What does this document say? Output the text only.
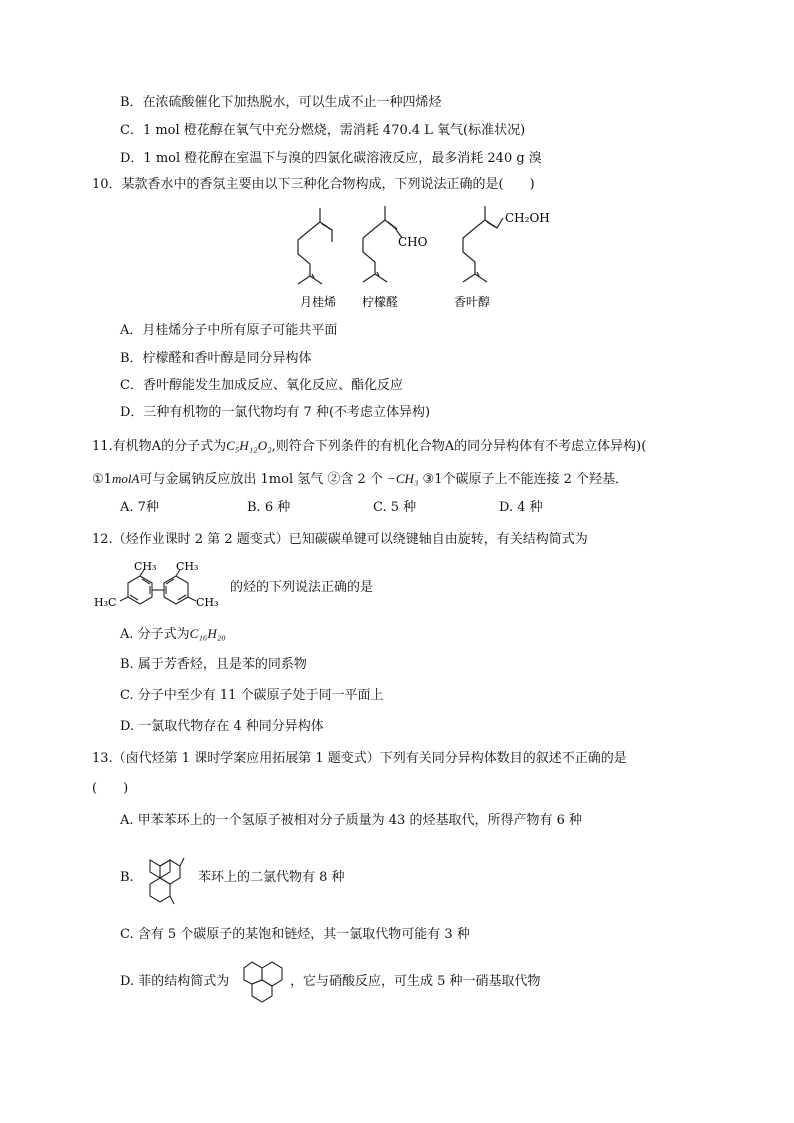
B．在浓硫酸催化下加热脱水，可以生成不止一种四烯烃
C．1 mol 橙花醇在氧气中充分燃烧，需消耗 470.4 L 氧气(标准状况)
D．1 mol 橙花醇在室温下与溴的四氯化碳溶液反应，最多消耗 240 g 溴
10．某款香水中的香氛主要由以下三种化合物构成，下列说法正确的是(　　)
CHO
CH₂OH
月桂烯 柠檬醛	香叶醇
A．月桂烯分子中所有原子可能共平面
B．柠檬醛和香叶醇是同分异构体
C．香叶醇能发生加成反应、氧化反应、酯化反应
D．三种有机物的一氯代物均有 7 种(不考虑立体异构)
11.有机物A的分子式为C₅H₁₂O₂,则符合下列条件的有机化合物A的同分异构体有不考虑立体异构)(
①1molA可与金属钠反应放出 1mol 氢气 ②含 2 个 −CH₃ ③1个碳原子上不能连接 2 个羟基．
A. 7种	B. 6 种	C. 5 种	D. 4 种
12.（烃作业课时 2 第 2 题变式）已知碳碳单键可以绕键轴自由旋转，有关结构简式为
CH₃ CH₃
H₃C	CH₃
的烃的下列说法正确的是
A. 分子式为C₁₆H₂₀
B. 属于芳香烃，且是苯的同系物
C. 分子中至少有 11 个碳原子处于同一平面上
D. 一氯取代物存在 4 种同分异构体
13.（卤代烃第 1 课时学案应用拓展第 1 题变式）下列有关同分异构体数目的叙述不正确的是
(　　)
A. 甲苯苯环上的一个氢原子被相对分子质量为 43 的烃基取代，所得产物有 6 种
B.	苯环上的二氯代物有 8 种
C. 含有 5 个碳原子的某饱和链烃，其一氯取代物可能有 3 种
D. 菲的结构简式为	，它与硝酸反应，可生成 5 种一硝基取代物
